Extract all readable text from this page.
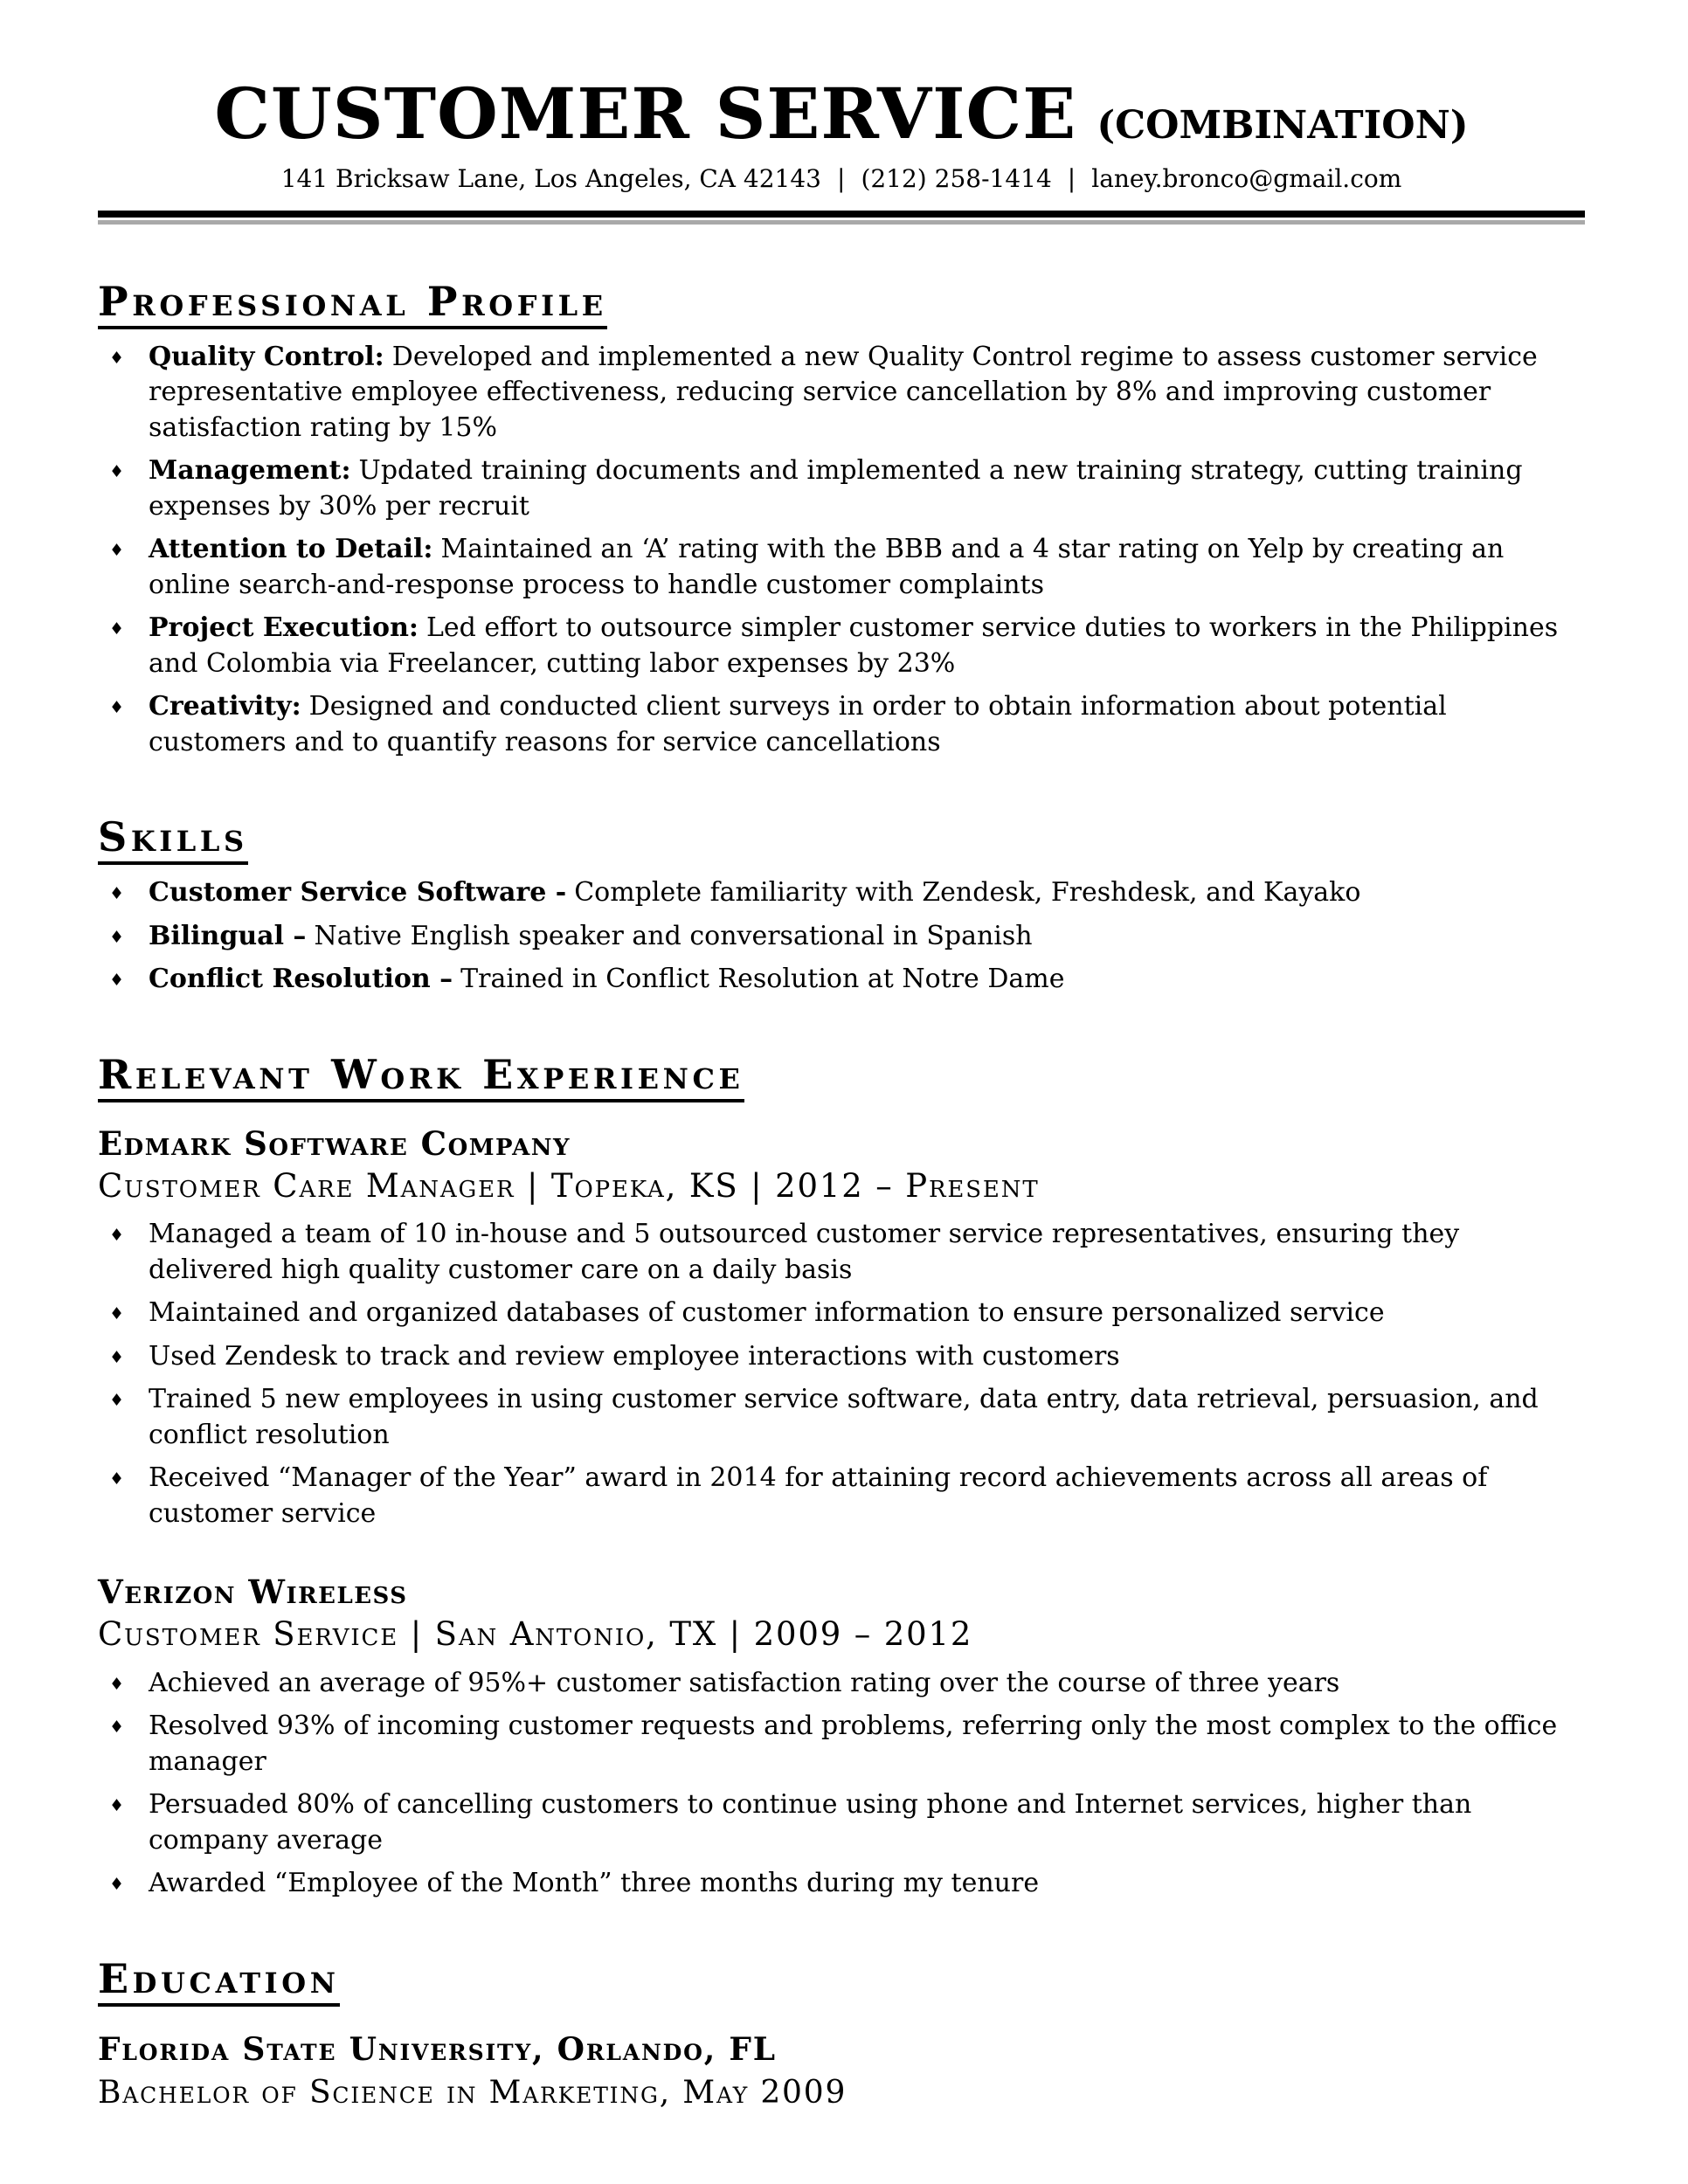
CUSTOMER SERVICE (COMBINATION)
141 Bricksaw Lane, Los Angeles, CA 42143 | (212) 258-1414 | laney.bronco@gmail.com
Professional Profile
♦ Quality Control: Developed and implemented a new Quality Control regime to assess customer service representative employee effectiveness, reducing service cancellation by 8% and improving customer satisfaction rating by 15%
♦ Management: Updated training documents and implemented a new training strategy, cutting training expenses by 30% per recruit
♦ Attention to Detail: Maintained an ‘A’ rating with the BBB and a 4 star rating on Yelp by creating an online search-and-response process to handle customer complaints
♦ Project Execution: Led effort to outsource simpler customer service duties to workers in the Philippines and Colombia via Freelancer, cutting labor expenses by 23%
♦ Creativity: Designed and conducted client surveys in order to obtain information about potential customers and to quantify reasons for service cancellations
Skills
♦ Customer Service Software - Complete familiarity with Zendesk, Freshdesk, and Kayako
♦ Bilingual – Native English speaker and conversational in Spanish
♦ Conflict Resolution – Trained in Conflict Resolution at Notre Dame
Relevant Work Experience
Edmark Software Company
Customer Care Manager | Topeka, KS | 2012 – Present
♦ Managed a team of 10 in-house and 5 outsourced customer service representatives, ensuring they delivered high quality customer care on a daily basis
♦ Maintained and organized databases of customer information to ensure personalized service
♦ Used Zendesk to track and review employee interactions with customers
♦ Trained 5 new employees in using customer service software, data entry, data retrieval, persuasion, and conflict resolution
♦ Received “Manager of the Year” award in 2014 for attaining record achievements across all areas of customer service
Verizon Wireless
Customer Service | San Antonio, TX | 2009 – 2012
♦ Achieved an average of 95%+ customer satisfaction rating over the course of three years
♦ Resolved 93% of incoming customer requests and problems, referring only the most complex to the office manager
♦ Persuaded 80% of cancelling customers to continue using phone and Internet services, higher than company average
♦ Awarded “Employee of the Month” three months during my tenure
Education
Florida State University, Orlando, FL
Bachelor of Science in Marketing, May 2009
